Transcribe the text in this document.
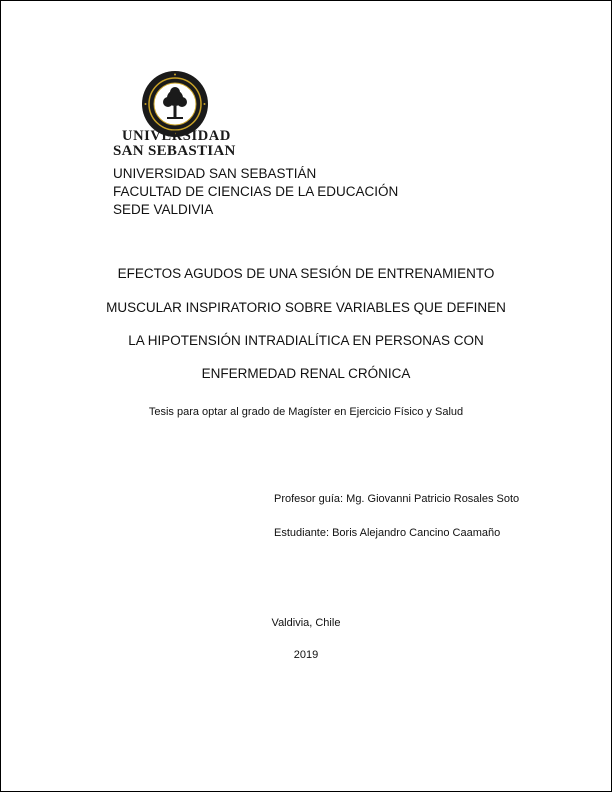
UNIVERSIDAD
SAN SEBASTIAN
UNIVERSIDAD SAN SEBASTIÁN
FACULTAD DE CIENCIAS DE LA EDUCACIÓN
SEDE VALDIVIA
EFECTOS AGUDOS DE UNA SESIÓN DE ENTRENAMIENTO
MUSCULAR INSPIRATORIO SOBRE VARIABLES QUE DEFINEN
LA HIPOTENSIÓN INTRADIALÍTICA EN PERSONAS CON
ENFERMEDAD RENAL CRÓNICA
Tesis para optar al grado de Magíster en Ejercicio Físico y Salud
Profesor guía: Mg. Giovanni Patricio Rosales Soto
Estudiante: Boris Alejandro Cancino Caamaño
Valdivia, Chile
2019
